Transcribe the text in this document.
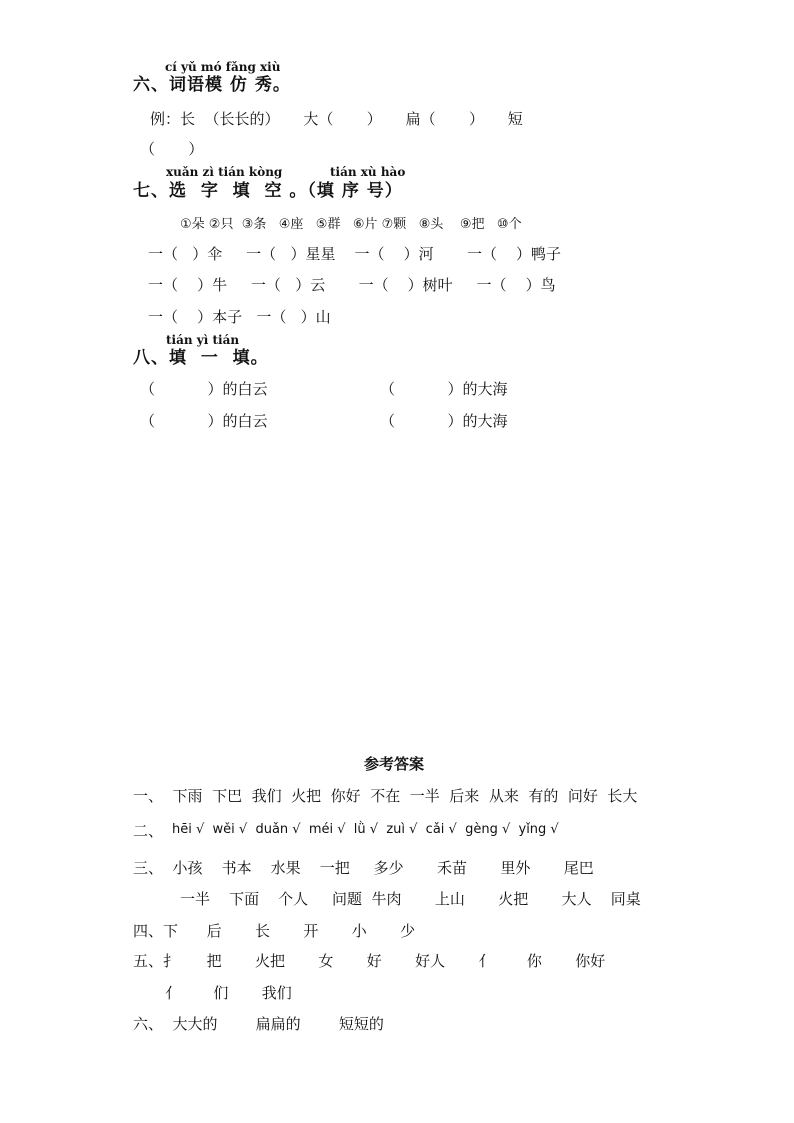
cí yǔ mó fǎng xiù
六、词语模 仿 秀。
例：长  （长长的）     大（       ）     扁（       ）     短
（       ）
xuǎn zì tián kòng	tián xù hào
七、选  字  填  空 。（填 序 号）
①朵 ②只  ③条   ④座   ⑤群   ⑥片 ⑦颗   ⑧头    ⑨把   ⑩个
一（   ）伞     一（   ）星星    一（    ）河       一（    ）鸭子
一（    ）牛     一（   ）云       一（    ）树叶     一（    ）鸟
一（    ）本子   一（   ）山
tián yì tián
八、填  一  填。
（           ）的白云	（           ）的大海
（           ）的白云	（           ）的大海
参考答案
一、  下雨  下巴  我们  火把  你好  不在  一半  后来  从来  有的  问好  长大
二、 hēi √  wěi √  duǎn √  méi √  lǜ √  zuì √  cǎi √  gèng √  yǐng √
三、  小孩    书本    水果    一把     多少       禾苗       里外       尾巴
一半    下面    个人     问题  牛肉       上山       火把       大人    同桌
四、下      后       长       开       小       少
五、扌      把       火把       女       好       好人       亻       你       你好
亻       们       我们
六、  大大的        扁扁的        短短的
